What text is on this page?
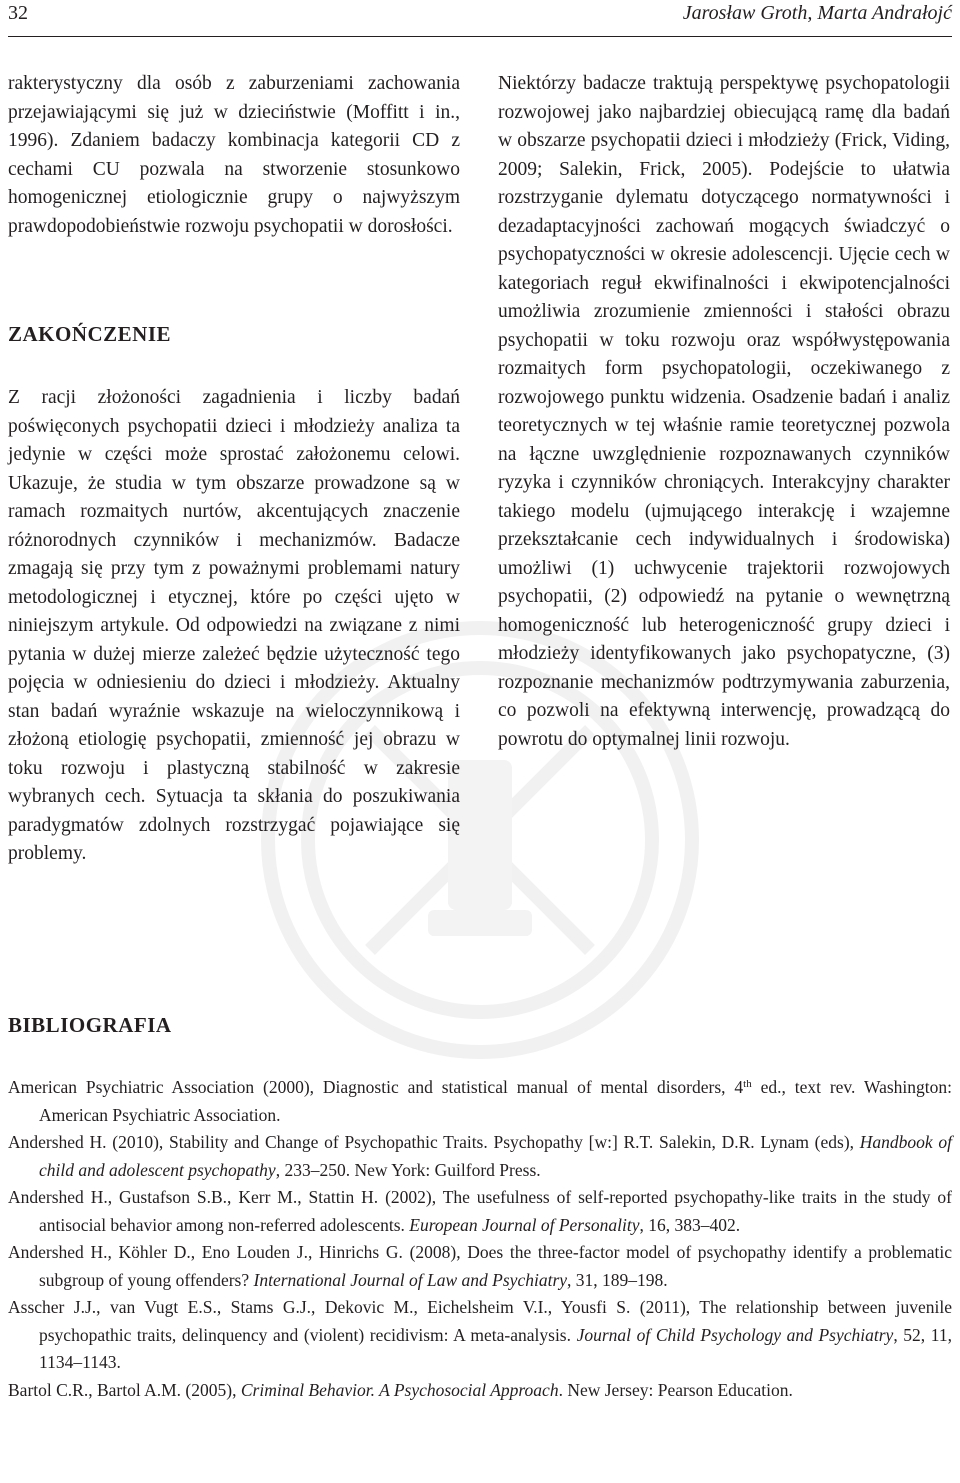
32	Jarosław Groth, Marta Andrałojć

rakterystyczny dla osób z zaburzeniami zachowania przejawiającymi się już w dzieciństwie (Moffitt i in., 1996). Zdaniem badaczy kombinacja kategorii CD z cechami CU pozwala na stworzenie stosunkowo homogenicznej etiologicznie grupy o najwyższym prawdopodobieństwie rozwoju psychopatii w dorosłości.

ZAKOŃCZENIE

Z racji złożoności zagadnienia i liczby badań poświęconych psychopatii dzieci i młodzieży analiza ta jedynie w części może sprostać założonemu celowi. Ukazuje, że studia w tym obszarze prowadzone są w ramach rozmaitych nurtów, akcentujących znaczenie różnorodnych czynników i mechanizmów. Badacze zmagają się przy tym z poważnymi problemami natury metodologicznej i etycznej, które po części ujęto w niniejszym artykule. Od odpowiedzi na związane z nimi pytania w dużej mierze zależeć będzie użyteczność tego pojęcia w odniesieniu do dzieci i młodzieży. Aktualny stan badań wyraźnie wskazuje na wieloczynnikową i złożoną etiologię psychopatii, zmienność jej obrazu w toku rozwoju i plastyczną stabilność w zakresie wybranych cech. Sytuacja ta skłania do poszukiwania paradygmatów zdolnych rozstrzygać pojawiające się problemy.

Niektórzy badacze traktują perspektywę psychopatologii rozwojowej jako najbardziej obiecującą ramę dla badań w obszarze psychopatii dzieci i młodzieży (Frick, Viding, 2009; Salekin, Frick, 2005). Podejście to ułatwia rozstrzyganie dylematu dotyczącego normatywności i dezadaptacyjności zachowań mogących świadczyć o psychopatyczności w okresie adolescencji. Ujęcie cech w kategoriach reguł ekwifinalności i ekwipotencjalności umożliwia zrozumienie zmienności i stałości obrazu psychopatii w toku rozwoju oraz współwystępowania rozmaitych form psychopatologii, oczekiwanego z rozwojowego punktu widzenia. Osadzenie badań i analiz teoretycznych w tej właśnie ramie teoretycznej pozwola na łączne uwzględnienie rozpoznawanych czynników ryzyka i czynników chroniących. Interakcyjny charakter takiego modelu (ujmującego interakcję i wzajemne przekształcanie cech indywidualnych i środowiska) umożliwi (1) uchwycenie trajektorii rozwojowych psychopatii, (2) odpowiedź na pytanie o wewnętrzną homogeniczność lub heterogeniczność grupy dzieci i młodzieży identyfikowanych jako psychopatyczne, (3) rozpoznanie mechanizmów podtrzymywania zaburzenia, co pozwoli na efektywną interwencję, prowadzącą do powrotu do optymalnej linii rozwoju.

BIBLIOGRAFIA
American Psychiatric Association (2000), Diagnostic and statistical manual of mental disorders, 4th ed., text rev. Washington: American Psychiatric Association.
Andershed H. (2010), Stability and Change of Psychopathic Traits. Psychopathy [w:] R.T. Salekin, D.R. Lynam (eds), Handbook of child and adolescent psychopathy, 233–250. New York: Guilford Press.
Andershed H., Gustafson S.B., Kerr M., Stattin H. (2002), The usefulness of self-reported psychopathy-like traits in the study of antisocial behavior among non-referred adolescents. European Journal of Personality, 16, 383–402.
Andershed H., Köhler D., Eno Louden J., Hinrichs G. (2008), Does the three-factor model of psychopathy identify a problematic subgroup of young offenders? International Journal of Law and Psychiatry, 31, 189–198.
Asscher J.J., van Vugt E.S., Stams G.J., Dekovic M., Eichelsheim V.I., Yousfi S. (2011), The relationship between juvenile psychopathic traits, delinquency and (violent) recidivism: A meta-analysis. Journal of Child Psychology and Psychiatry, 52, 11, 1134–1143.
Bartol C.R., Bartol A.M. (2005), Criminal Behavior. A Psychosocial Approach. New Jersey: Pearson Education.
